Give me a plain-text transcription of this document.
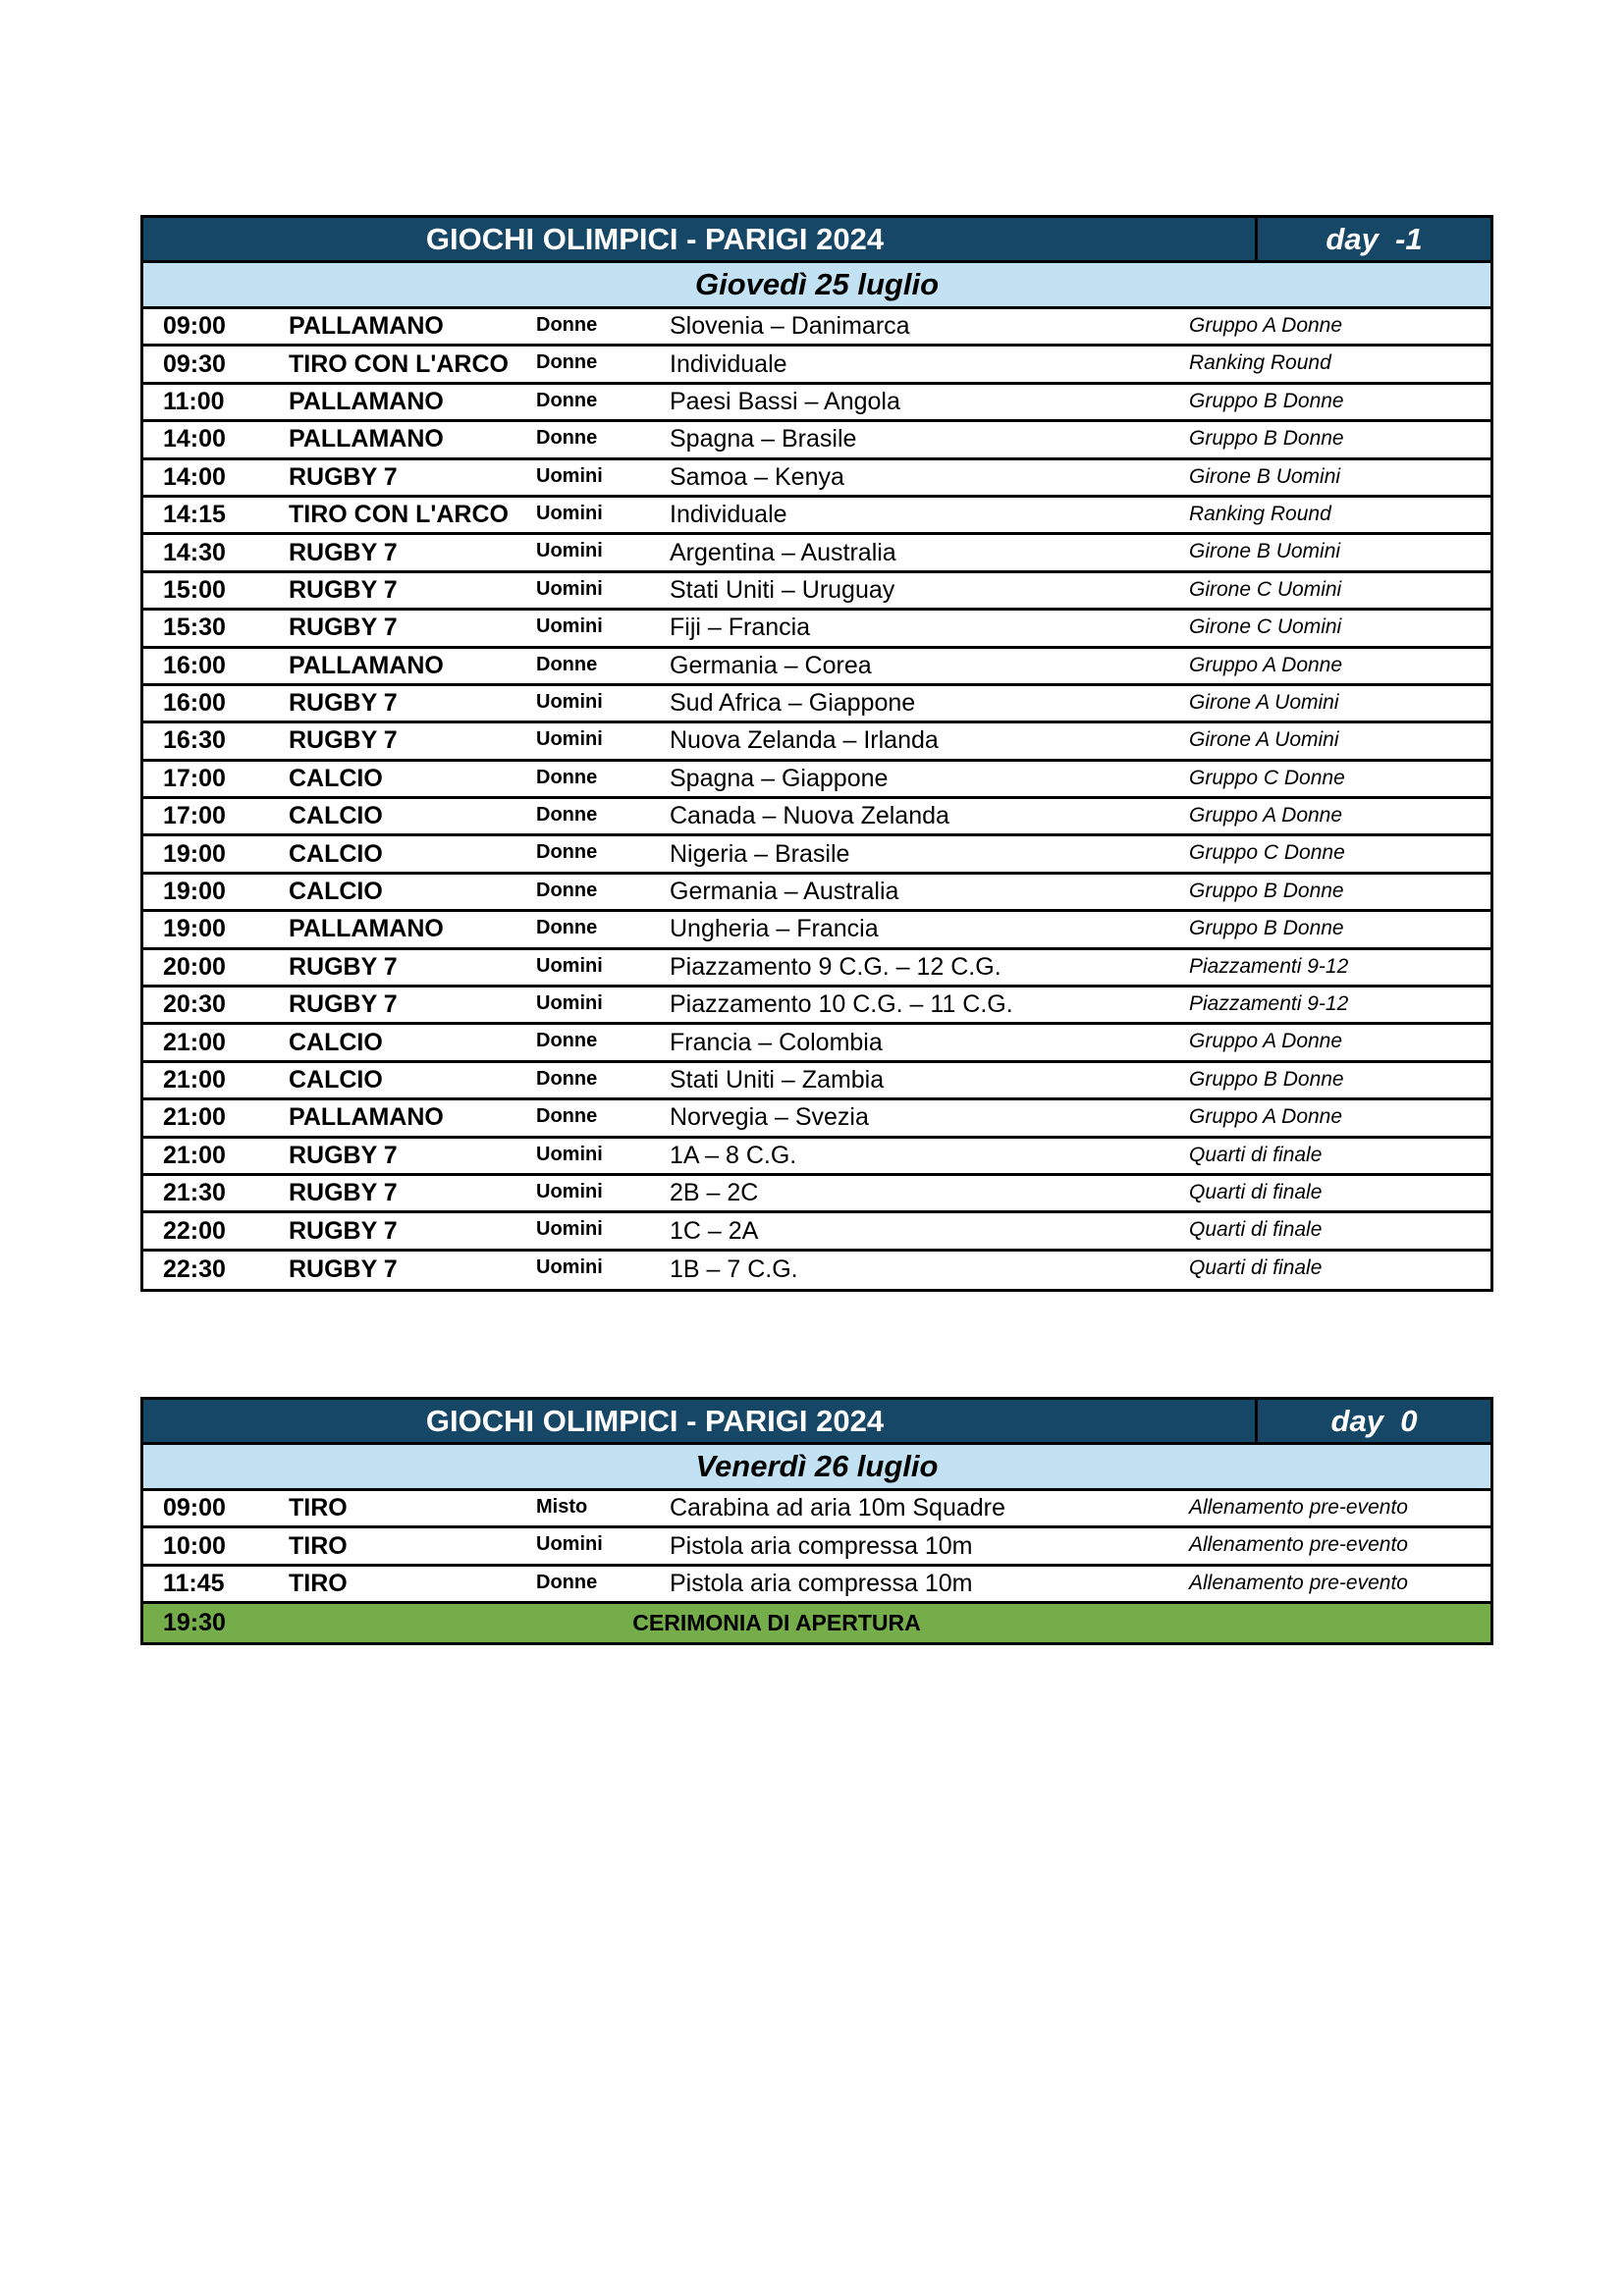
GIOCHI OLIMPICI - PARIGI 2024	day  -1
Giovedì 25 luglio
09:00	PALLAMANO	Donne	Slovenia – Danimarca	Gruppo A Donne
09:30	TIRO CON L'ARCO	Donne	Individuale	Ranking Round
11:00	PALLAMANO	Donne	Paesi Bassi – Angola	Gruppo B Donne
14:00	PALLAMANO	Donne	Spagna – Brasile	Gruppo B Donne
14:00	RUGBY 7	Uomini	Samoa – Kenya	Girone B Uomini
14:15	TIRO CON L'ARCO	Uomini	Individuale	Ranking Round
14:30	RUGBY 7	Uomini	Argentina – Australia	Girone B Uomini
15:00	RUGBY 7	Uomini	Stati Uniti – Uruguay	Girone C Uomini
15:30	RUGBY 7	Uomini	Fiji – Francia	Girone C Uomini
16:00	PALLAMANO	Donne	Germania – Corea	Gruppo A Donne
16:00	RUGBY 7	Uomini	Sud Africa – Giappone	Girone A Uomini
16:30	RUGBY 7	Uomini	Nuova Zelanda – Irlanda	Girone A Uomini
17:00	CALCIO	Donne	Spagna – Giappone	Gruppo C Donne
17:00	CALCIO	Donne	Canada – Nuova Zelanda	Gruppo A Donne
19:00	CALCIO	Donne	Nigeria – Brasile	Gruppo C Donne
19:00	CALCIO	Donne	Germania – Australia	Gruppo B Donne
19:00	PALLAMANO	Donne	Ungheria – Francia	Gruppo B Donne
20:00	RUGBY 7	Uomini	Piazzamento 9 C.G. – 12 C.G.	Piazzamenti 9-12
20:30	RUGBY 7	Uomini	Piazzamento 10 C.G. – 11 C.G.	Piazzamenti 9-12
21:00	CALCIO	Donne	Francia – Colombia	Gruppo A Donne
21:00	CALCIO	Donne	Stati Uniti – Zambia	Gruppo B Donne
21:00	PALLAMANO	Donne	Norvegia – Svezia	Gruppo A Donne
21:00	RUGBY 7	Uomini	1A – 8 C.G.	Quarti di finale
21:30	RUGBY 7	Uomini	2B – 2C	Quarti di finale
22:00	RUGBY 7	Uomini	1C – 2A	Quarti di finale
22:30	RUGBY 7	Uomini	1B – 7 C.G.	Quarti di finale
GIOCHI OLIMPICI - PARIGI 2024	day  0
Venerdì 26 luglio
09:00	TIRO	Misto	Carabina ad aria 10m Squadre	Allenamento pre-evento
10:00	TIRO	Uomini	Pistola aria compressa 10m	Allenamento pre-evento
11:45	TIRO	Donne	Pistola aria compressa 10m	Allenamento pre-evento
19:30	CERIMONIA DI APERTURA
